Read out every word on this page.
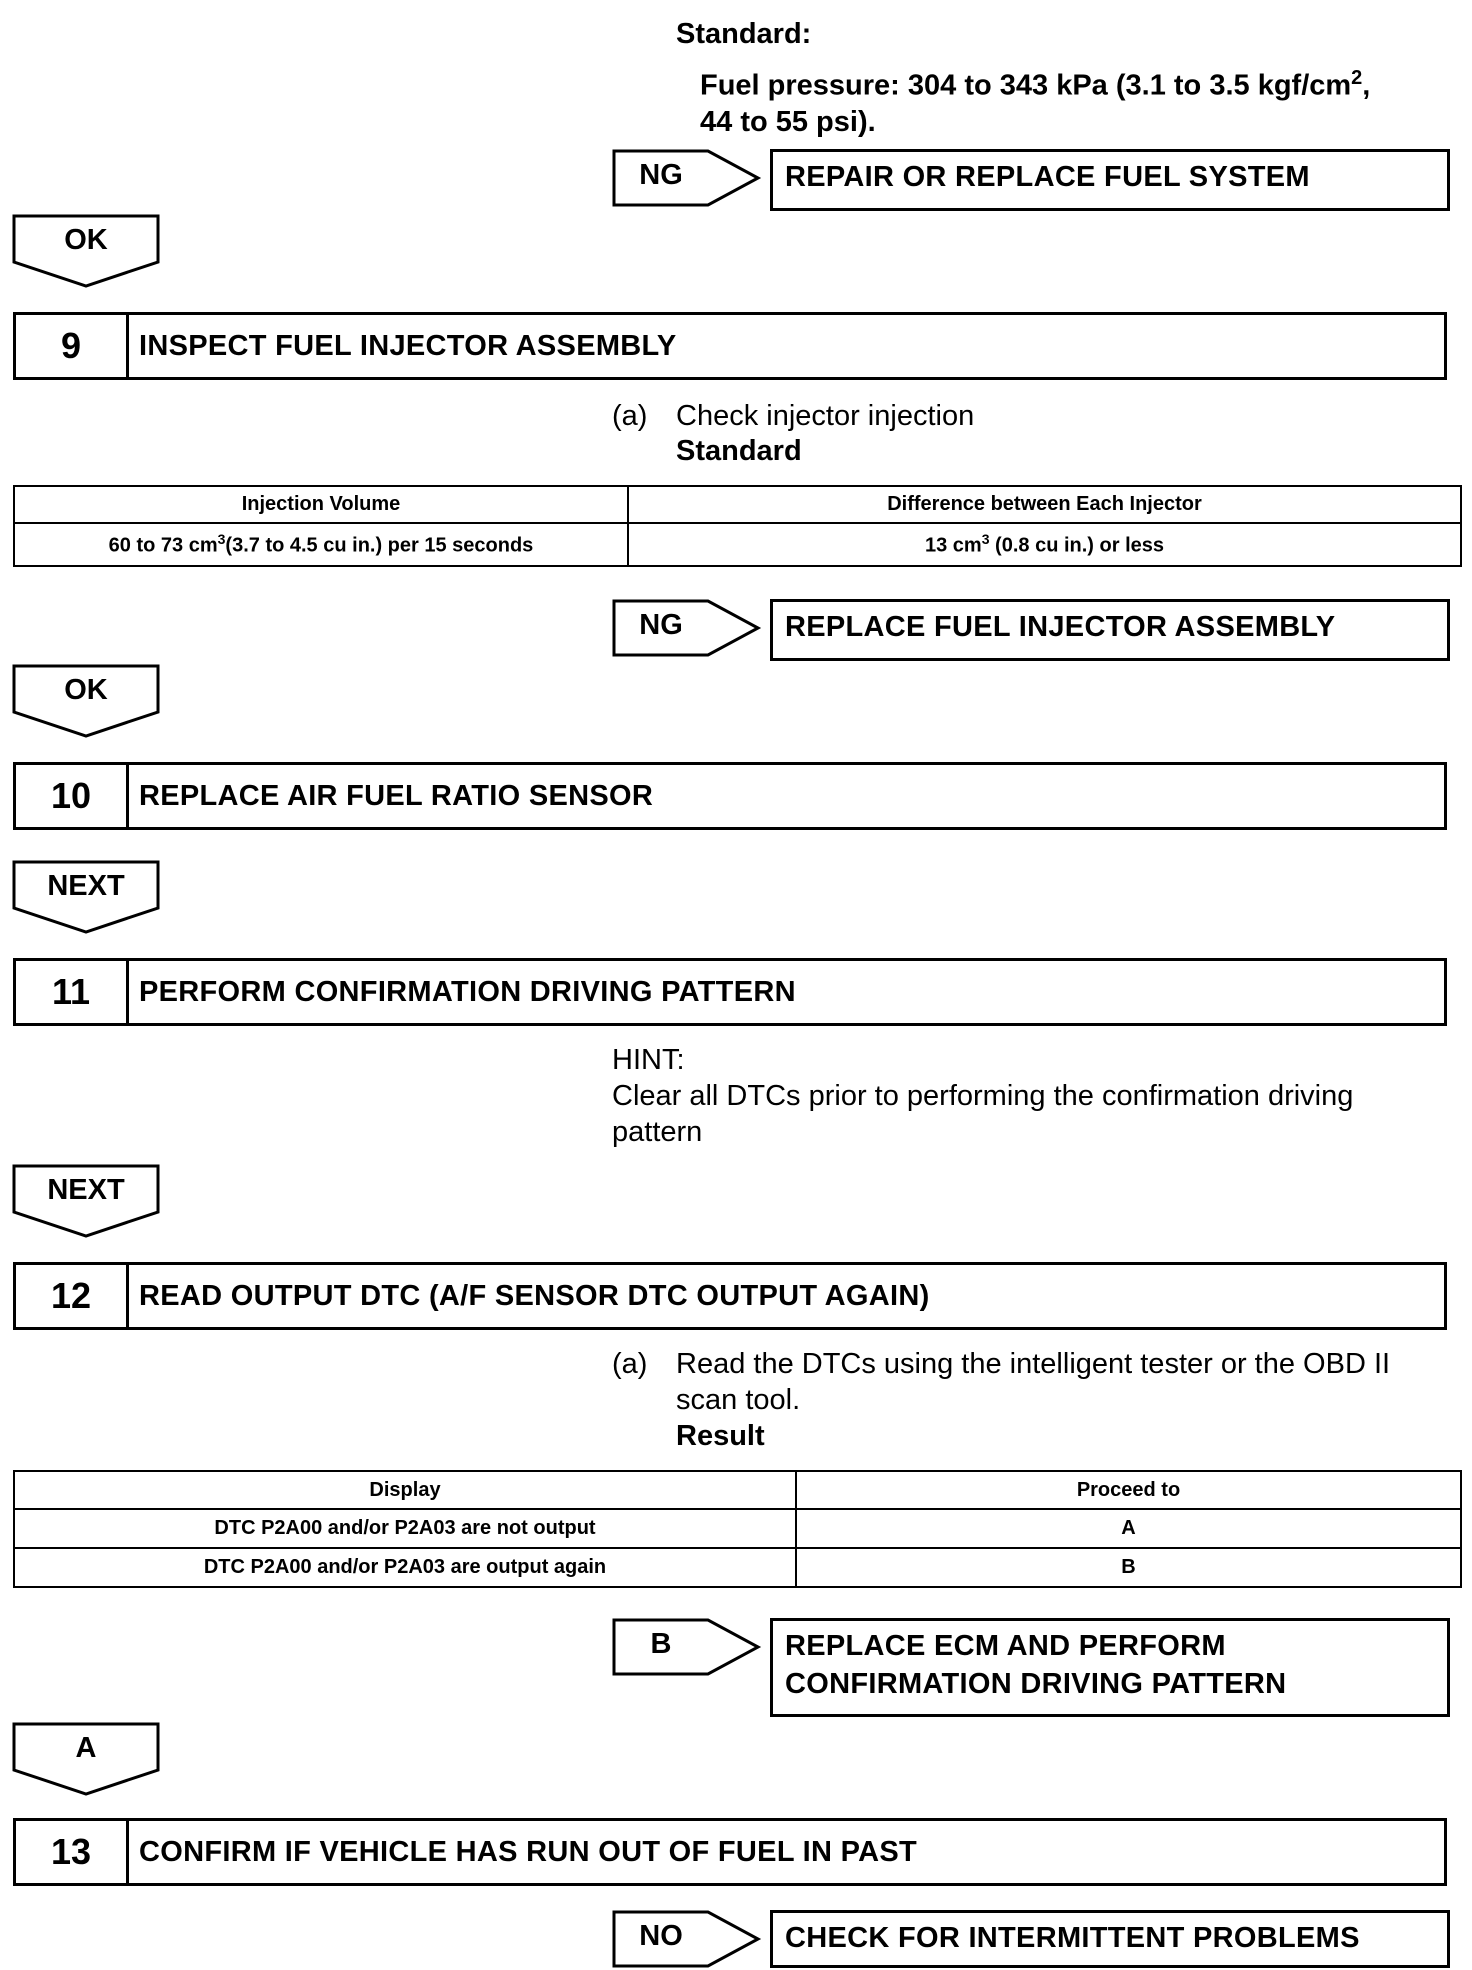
Standard:
Fuel pressure: 304 to 343 kPa (3.1 to 3.5 kgf/$cm^2$,
44 to 55 psi).
NG	REPAIR OR REPLACE FUEL SYSTEM
OK
9	INSPECT FUEL INJECTOR ASSEMBLY
(a) Check injector injection
Standard
Injection Volume	Difference between Each Injector
60 to 73 $cm^3(3.7$ to 4.5 cu in.) per 15 seconds	13 $cm^3$ (0.8 cu in.) or less
NG	REPLACE FUEL INJECTOR ASSEMBLY
OK
10	REPLACE AIR FUEL RATIO SENSOR
NEXT
11	PERFORM CONFIRMATION DRIVING PATTERN
HINT:
Clear all DTCs prior to performing the confirmation driving
pattern
NEXT
12	READ OUTPUT DTC (A/F SENSOR DTC OUTPUT AGAIN)
(a) Read the DTCs using the intelligent tester or the OBD II
scan tool.
Result
Display	Proceed to
DTC P2A00 and/or P2A03 are not output	A
DTC P2A00 and/or P2A03 are output again	B
B	REPLACE ECM AND PERFORM
CONFIRMATION DRIVING PATTERN
A
13	CONFIRM IF VEHICLE HAS RUN OUT OF FUEL IN PAST
NO	CHECK FOR INTERMITTENT PROBLEMS
